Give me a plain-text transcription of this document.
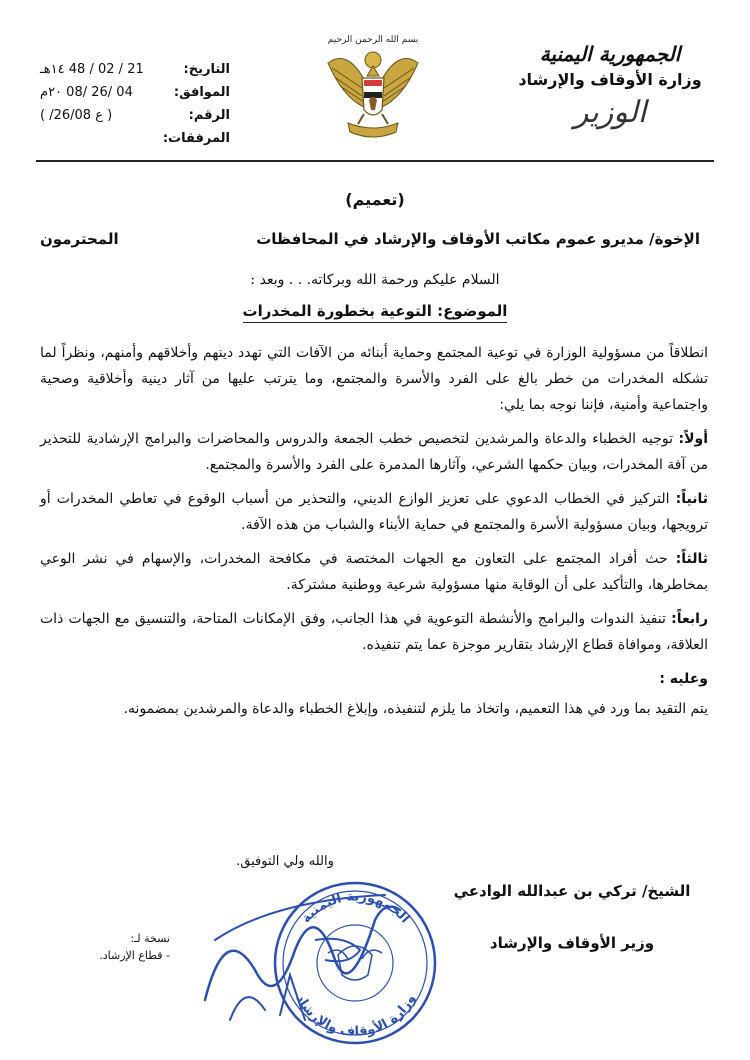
الجمهورية اليمنية

وزارة الأوقاف والإرشاد

الوزير

بسم الله الرحمن الرحيم
التاريخ:
21 / 02 / 48 ١٤هـ
الموافق:
04 /26 /08 ٢٠م
الرقم:
( ع 26/08/ )
المرفقات:
(تعميم)
الإخوة/ مديرو عموم مكاتب الأوقاف والإرشاد في المحافظات
المحترمون
السلام عليكم ورحمة الله وبركاته. . . وبعد :
الموضوع: التوعية بخطورة المخدرات

انطلاقاً من مسؤولية الوزارة في توعية المجتمع وحماية أبنائه من الآفات التي تهدد دينهم وأخلاقهم وأمنهم، ونظراً لما تشكله المخدرات من خطر بالغ على الفرد والأسرة والمجتمع، وما يترتب عليها من آثار دينية وأخلاقية وصحية واجتماعية وأمنية، فإننا نوجه بما يلي:

أولاً: توجيه الخطباء والدعاة والمرشدين لتخصيص خطب الجمعة والدروس والمحاضرات والبرامج الإرشادية للتحذير من آفة المخدرات، وبيان حكمها الشرعي، وآثارها المدمرة على الفرد والأسرة والمجتمع.

ثانياً: التركيز في الخطاب الدعوي على تعزيز الوازع الديني، والتحذير من أسباب الوقوع في تعاطي المخدرات أو ترويجها، وبيان مسؤولية الأسرة والمجتمع في حماية الأبناء والشباب من هذه الآفة.

ثالثاً: حث أفراد المجتمع على التعاون مع الجهات المختصة في مكافحة المخدرات، والإسهام في نشر الوعي بمخاطرها، والتأكيد على أن الوقاية منها مسؤولية شرعية ووطنية مشتركة.

رابعاً: تنفيذ الندوات والبرامج والأنشطة التوعوية في هذا الجانب، وفق الإمكانات المتاحة، والتنسيق مع الجهات ذات العلاقة، وموافاة قطاع الإرشاد بتقارير موجزة عما يتم تنفيذه.

وعليه :

يتم التقيد بما ورد في هذا التعميم، واتخاذ ما يلزم لتنفيذه، وإبلاغ الخطباء والدعاة والمرشدين بمضمونه.

والله ولي التوفيق.
الجمهورية اليمنية
وزارة الأوقاف والإرشاد
الشيخ/ تركي بن عبدالله الوادعي
وزير الأوقاف والإرشاد

نسخة لـ:

- قطاع الإرشاد.
